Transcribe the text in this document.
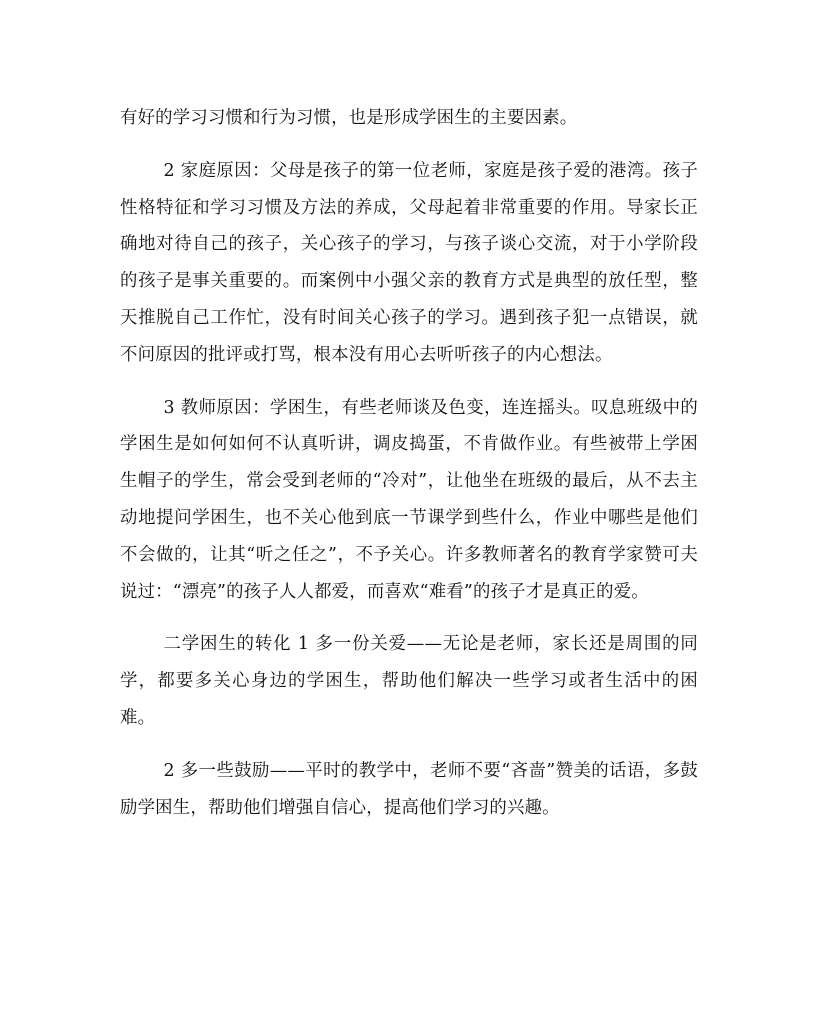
有好的学习习惯和行为习惯，也是形成学困生的主要因素。

2 家庭原因：父母是孩子的第一位老师，家庭是孩子爱的港湾。孩子性格特征和学习习惯及方法的养成，父母起着非常重要的作用。导家长正确地对待自己的孩子，关心孩子的学习，与孩子谈心交流，对于小学阶段的孩子是事关重要的。而案例中小强父亲的教育方式是典型的放任型，整天推脱自己工作忙，没有时间关心孩子的学习。遇到孩子犯一点错误，就不问原因的批评或打骂，根本没有用心去听听孩子的内心想法。

3 教师原因：学困生，有些老师谈及色变，连连摇头。叹息班级中的学困生是如何如何不认真听讲，调皮捣蛋，不肯做作业。有些被带上学困生帽子的学生，常会受到老师的“冷对”，让他坐在班级的最后，从不去主动地提问学困生，也不关心他到底一节课学到些什么，作业中哪些是他们不会做的，让其“听之任之”，不予关心。许多教师著名的教育学家赞可夫说过：“漂亮”的孩子人人都爱，而喜欢“难看”的孩子才是真正的爱。

二学困生的转化 1 多一份关爱——无论是老师，家长还是周围的同学，都要多关心身边的学困生，帮助他们解决一些学习或者生活中的困难。

2 多一些鼓励——平时的教学中，老师不要“吝啬”赞美的话语，多鼓励学困生，帮助他们增强自信心，提高他们学习的兴趣。
